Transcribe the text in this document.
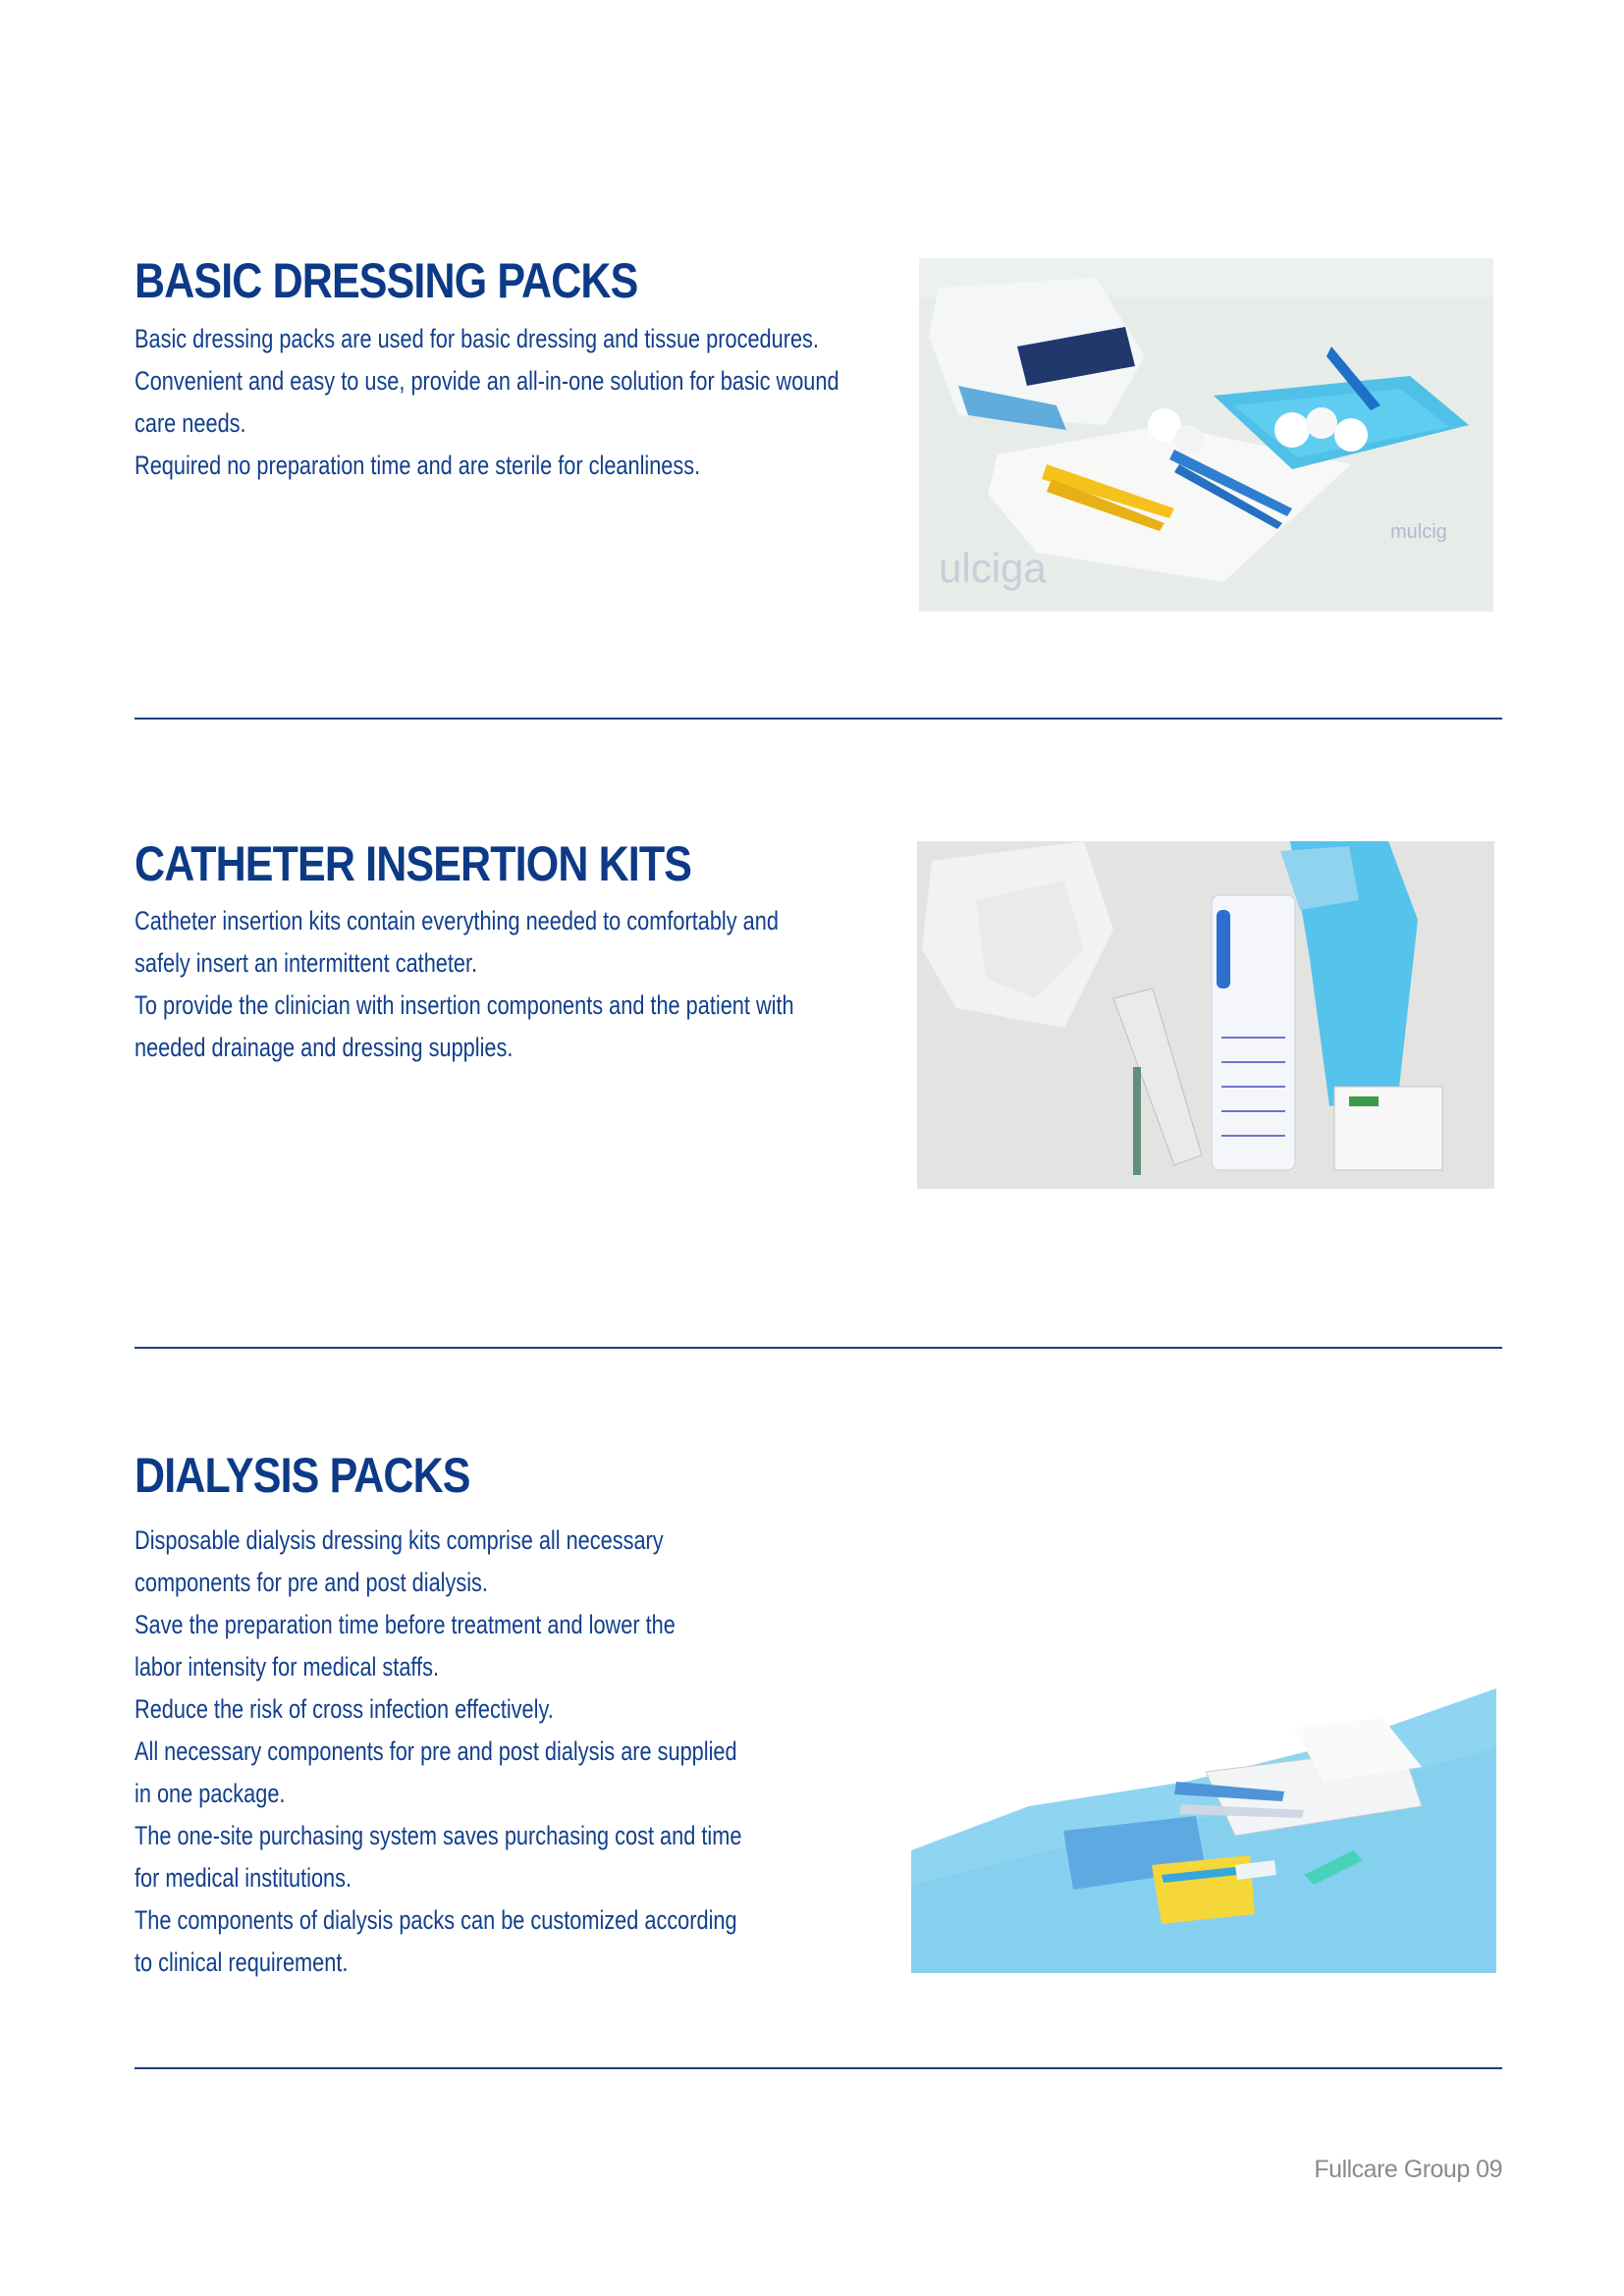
BASIC DRESSING PACKS
Basic dressing packs are used for basic dressing and tissue procedures.
Convenient and easy to use, provide an all-in-one solution for basic wound
care needs.
Required no preparation time and are sterile for cleanliness.
ulciga
mulcig
CATHETER INSERTION KITS
Catheter insertion kits contain everything needed to comfortably and
safely insert an intermittent catheter.
To provide the clinician with insertion components and the patient with
needed drainage and dressing supplies.
DIALYSIS PACKS
Disposable dialysis dressing kits comprise all necessary
components for pre and post dialysis.
Save the preparation time before treatment and lower the
labor intensity for medical staffs.
Reduce the risk of cross infection effectively.
All necessary components for pre and post dialysis are supplied
in one package.
The one-site purchasing system saves purchasing cost and time
for medical institutions.
The components of dialysis packs can be customized according
to clinical requirement.
Fullcare Group 09
